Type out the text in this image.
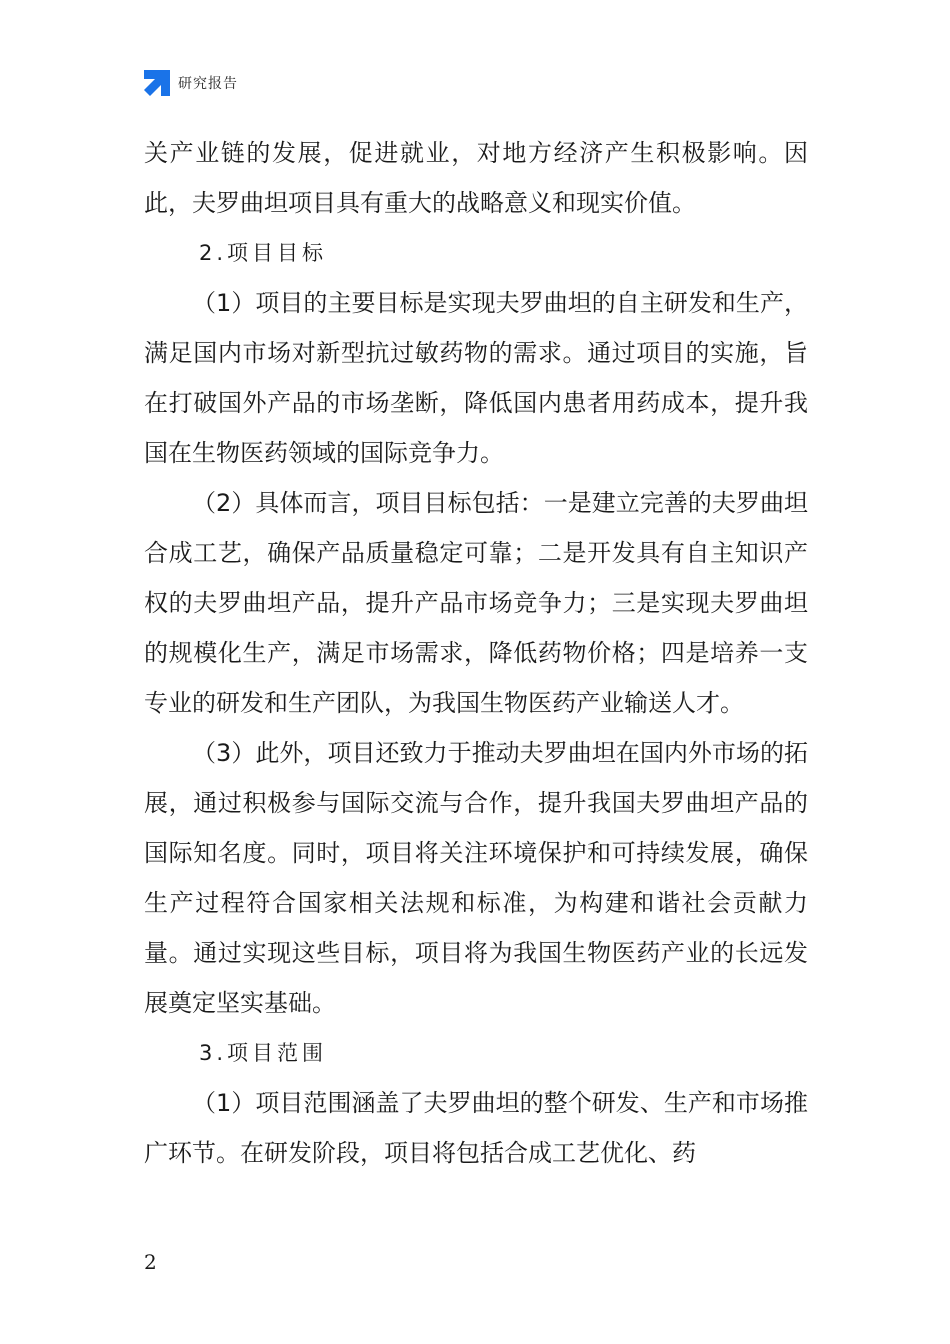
研究报告

关产业链的发展，促进就业，对地方经济产生积极影响。因此，夫罗曲坦项目具有重大的战略意义和现实价值。

2.项目目标

（1）项目的主要目标是实现夫罗曲坦的自主研发和生产，满足国内市场对新型抗过敏药物的需求。通过项目的实施，旨在打破国外产品的市场垄断，降低国内患者用药成本，提升我国在生物医药领域的国际竞争力。

（2）具体而言，项目目标包括：一是建立完善的夫罗曲坦合成工艺，确保产品质量稳定可靠；二是开发具有自主知识产权的夫罗曲坦产品，提升产品市场竞争力；三是实现夫罗曲坦的规模化生产，满足市场需求，降低药物价格；四是培养一支专业的研发和生产团队，为我国生物医药产业输送人才。

（3）此外，项目还致力于推动夫罗曲坦在国内外市场的拓展，通过积极参与国际交流与合作，提升我国夫罗曲坦产品的国际知名度。同时，项目将关注环境保护和可持续发展，确保生产过程符合国家相关法规和标准，为构建和谐社会贡献力量。通过实现这些目标，项目将为我国生物医药产业的长远发展奠定坚实基础。

3.项目范围

（1）项目范围涵盖了夫罗曲坦的整个研发、生产和市场推广环节。在研发阶段，项目将包括合成工艺优化、药

2
